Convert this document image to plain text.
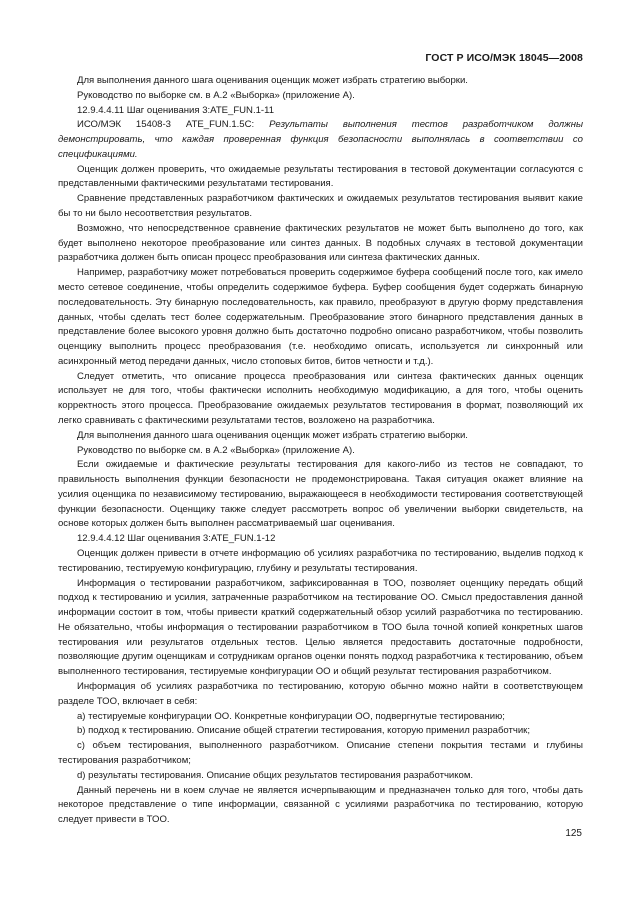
ГОСТ Р ИСО/МЭК 18045—2008

Для выполнения данного шага оценивания оценщик может избрать стратегию выборки.

Руководство по выборке см. в А.2 «Выборка» (приложение А).

12.9.4.4.11 Шаг оценивания 3:ATE_FUN.1-11

ИСО/МЭК 15408-3 ATE_FUN.1.5C: Результаты выполнения тестов разработчиком должны демонстрировать, что каждая проверенная функция безопасности выполнялась в соответствии со спецификациями.

Оценщик должен проверить, что ожидаемые результаты тестирования в тестовой документации согласуются с представленными фактическими результатами тестирования.

Сравнение представленных разработчиком фактических и ожидаемых результатов тестирования выявит какие бы то ни было несоответствия результатов.

Возможно, что непосредственное сравнение фактических результатов не может быть выполнено до того, как будет выполнено некоторое преобразование или синтез данных. В подобных случаях в тестовой документации разработчика должен быть описан процесс преобразования или синтеза фактических данных.

Например, разработчику может потребоваться проверить содержимое буфера сообщений после того, как имело место сетевое соединение, чтобы определить содержимое буфера. Буфер сообщения будет содержать бинарную последовательность. Эту бинарную последовательность, как правило, преобразуют в другую форму представления данных, чтобы сделать тест более содержательным. Преобразование этого бинарного представления данных в представление более высокого уровня должно быть достаточно подробно описано разработчиком, чтобы позволить оценщику выполнить процесс преобразования (т.е. необходимо описать, используется ли синхронный или асинхронный метод передачи данных, число стоповых битов, битов четности и т.д.).

Следует отметить, что описание процесса преобразования или синтеза фактических данных оценщик использует не для того, чтобы фактически исполнить необходимую модификацию, а для того, чтобы оценить корректность этого процесса. Преобразование ожидаемых результатов тестирования в формат, позволяющий их легко сравнивать с фактическими результатами тестов, возложено на разработчика.

Для выполнения данного шага оценивания оценщик может избрать стратегию выборки.

Руководство по выборке см. в А.2 «Выборка» (приложение А).

Если ожидаемые и фактические результаты тестирования для какого-либо из тестов не совпадают, то правильность выполнения функции безопасности не продемонстрирована. Такая ситуация окажет влияние на усилия оценщика по независимому тестированию, выражающееся в необходимости тестирования соответствующей функции безопасности. Оценщику также следует рассмотреть вопрос об увеличении выборки свидетельств, на основе которых должен быть выполнен рассматриваемый шаг оценивания.

12.9.4.4.12 Шаг оценивания 3:ATE_FUN.1-12

Оценщик должен привести в отчете информацию об усилиях разработчика по тестированию, выделив подход к тестированию, тестируемую конфигурацию, глубину и результаты тестирования.

Информация о тестировании разработчиком, зафиксированная в ТОО, позволяет оценщику передать общий подход к тестированию и усилия, затраченные разработчиком на тестирование ОО. Смысл предоставления данной информации состоит в том, чтобы привести краткий содержательный обзор усилий разработчика по тестированию. Не обязательно, чтобы информация о тестировании разработчиком в ТОО была точной копией конкретных шагов тестирования или результатов отдельных тестов. Целью является предоставить достаточные подробности, позволяющие другим оценщикам и сотрудникам органов оценки понять подход разработчика к тестированию, объем выполненного тестирования, тестируемые конфигурации ОО и общий результат тестирования разработчиком.

Информация об усилиях разработчика по тестированию, которую обычно можно найти в соответствующем разделе ТОО, включает в себя:

a) тестируемые конфигурации ОО. Конкретные конфигурации ОО, подвергнутые тестированию;

b) подход к тестированию. Описание общей стратегии тестирования, которую применил разработчик;

c) объем тестирования, выполненного разработчиком. Описание степени покрытия тестами и глубины тестирования разработчиком;

d) результаты тестирования. Описание общих результатов тестирования разработчиком.

Данный перечень ни в коем случае не является исчерпывающим и предназначен только для того, чтобы дать некоторое представление о типе информации, связанной с усилиями разработчика по тестированию, которую следует привести в ТОО.

125
